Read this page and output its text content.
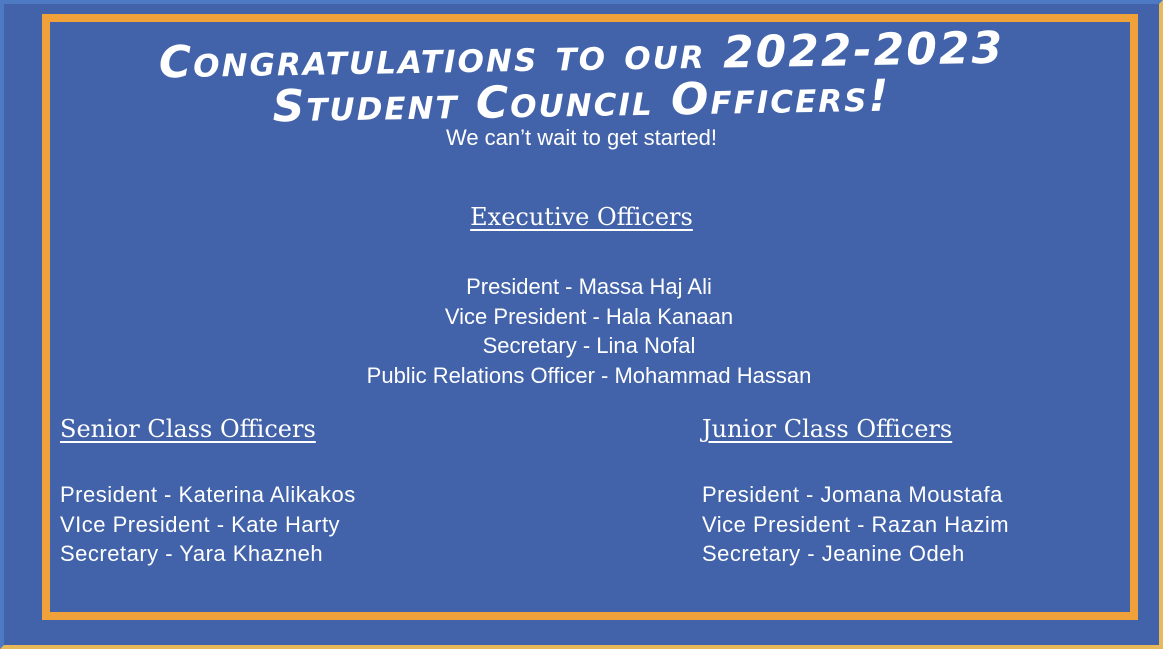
Congratulations to our 2022-2023
Student Council Officers!
We can’t wait to get started!
Executive Officers
President - Massa Haj Ali
Vice President - Hala Kanaan
Secretary - Lina Nofal
Public Relations Officer - Mohammad Hassan
Senior Class Officers
President - Katerina Alikakos
VIce President - Kate Harty
Secretary - Yara Khazneh
Junior Class Officers
President - Jomana Moustafa
Vice President - Razan Hazim
Secretary - Jeanine Odeh
